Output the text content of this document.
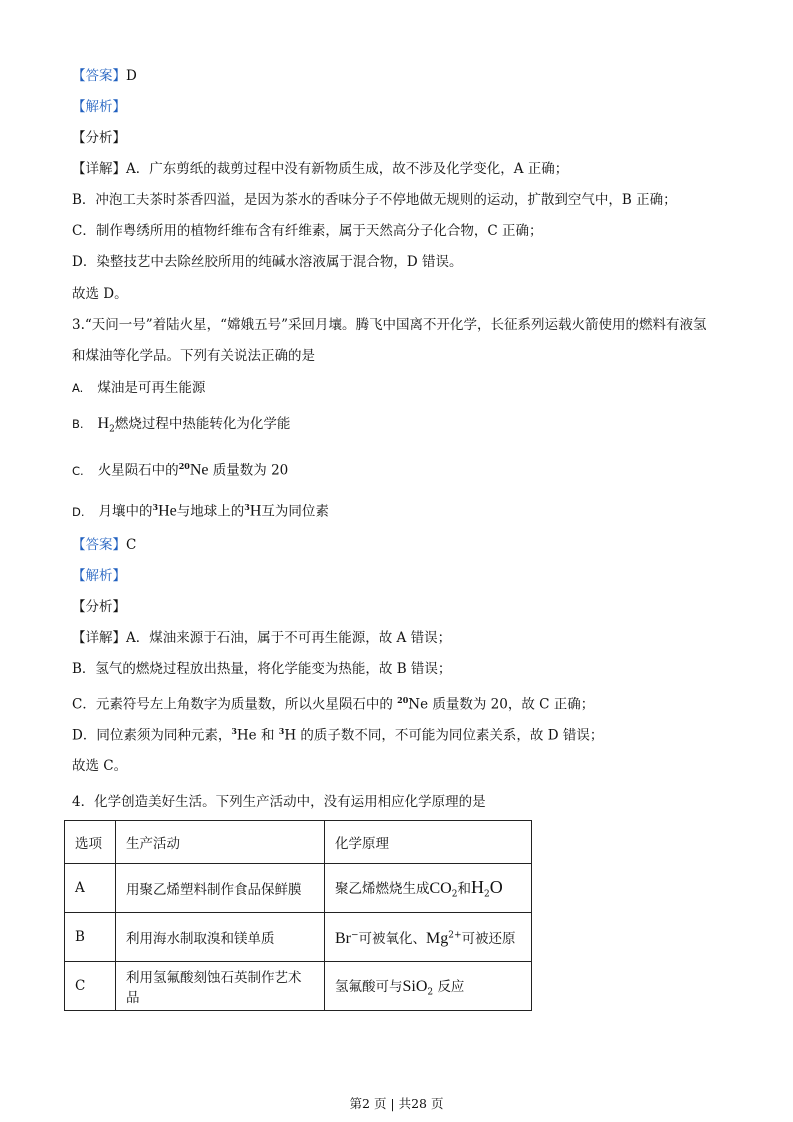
【答案】D
【解析】
【分析】
【详解】A．广东剪纸的裁剪过程中没有新物质生成，故不涉及化学变化，A 正确；
B．冲泡工夫茶时茶香四溢，是因为茶水的香味分子不停地做无规则的运动，扩散到空气中，B 正确；
C．制作粤绣所用的植物纤维布含有纤维素，属于天然高分子化合物，C 正确；
D．染整技艺中去除丝胶所用的纯碱水溶液属于混合物，D 错误。
故选 D。
3.“天问一号”着陆火星，“嫦娥五号”采回月壤。腾飞中国离不开化学，长征系列运载火箭使用的燃料有液氢
和煤油等化学品。下列有关说法正确的是
A. 煤油是可再生能源
B. $H_2$燃烧过程中热能转化为化学能
C. 火星陨石中的$^{20}$Ne 质量数为 20
D. 月壤中的$^3$He与地球上的$^3$H互为同位素
【答案】C
【解析】
【分析】
【详解】A．煤油来源于石油，属于不可再生能源，故 A 错误；
B．氢气的燃烧过程放出热量，将化学能变为热能，故 B 错误；
C．元素符号左上角数字为质量数，所以火星陨石中的 $^{20}$Ne 质量数为 20，故 C 正确；
D．同位素须为同种元素，$^3$He 和 $^3$H 的质子数不同，不可能为同位素关系，故 D 错误；
故选 C。
4．化学创造美好生活。下列生产活动中，没有运用相应化学原理的是
选项	生产活动	化学原理
A	用聚乙烯塑料制作食品保鲜膜	聚乙烯燃烧生成$CO_2$和$H_2O$
B	利用海水制取溴和镁单质	Br−可被氧化、$Mg^{2+}$可被还原
C	利用氢氟酸刻蚀石英制作艺术品	氢氟酸可与SiO$_2$ 反应
第2 页 | 共28 页
